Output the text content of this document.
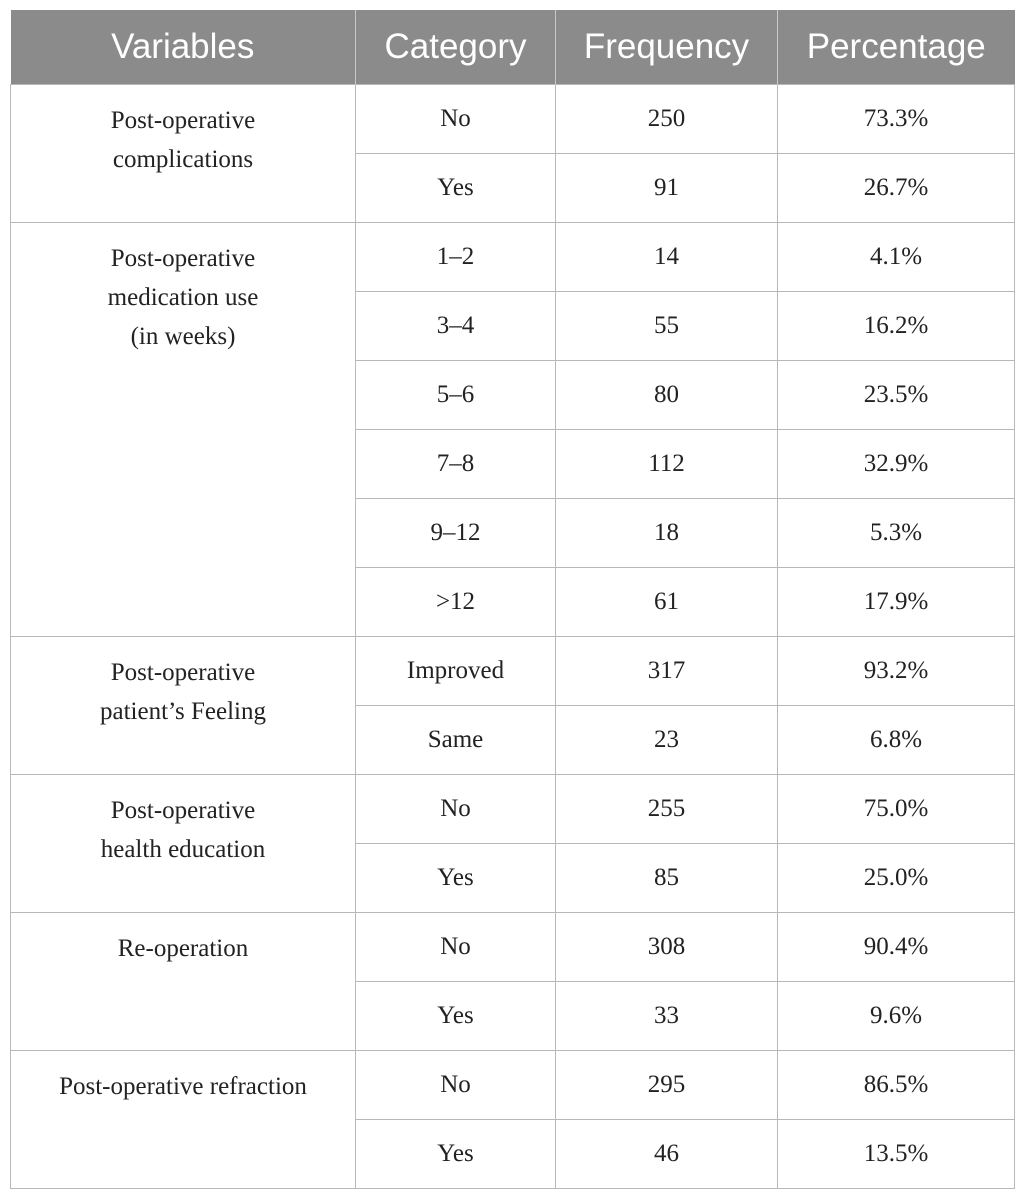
Variables	Category	Frequency	Percentage

Post-operative
complications	No	250	73.3%
	Yes	91	26.7%

Post-operative
medication use
(in weeks)	1–2	14	4.1%
	3–4	55	16.2%
	5–6	80	23.5%
	7–8	112	32.9%
	9–12	18	5.3%
	>12	61	17.9%

Post-operative
patient’s Feeling	Improved	317	93.2%
	Same	23	6.8%

Post-operative
health education	No	255	75.0%
	Yes	85	25.0%

Re-operation	No	308	90.4%
	Yes	33	9.6%

Post-operative refraction	No	295	86.5%
	Yes	46	13.5%
